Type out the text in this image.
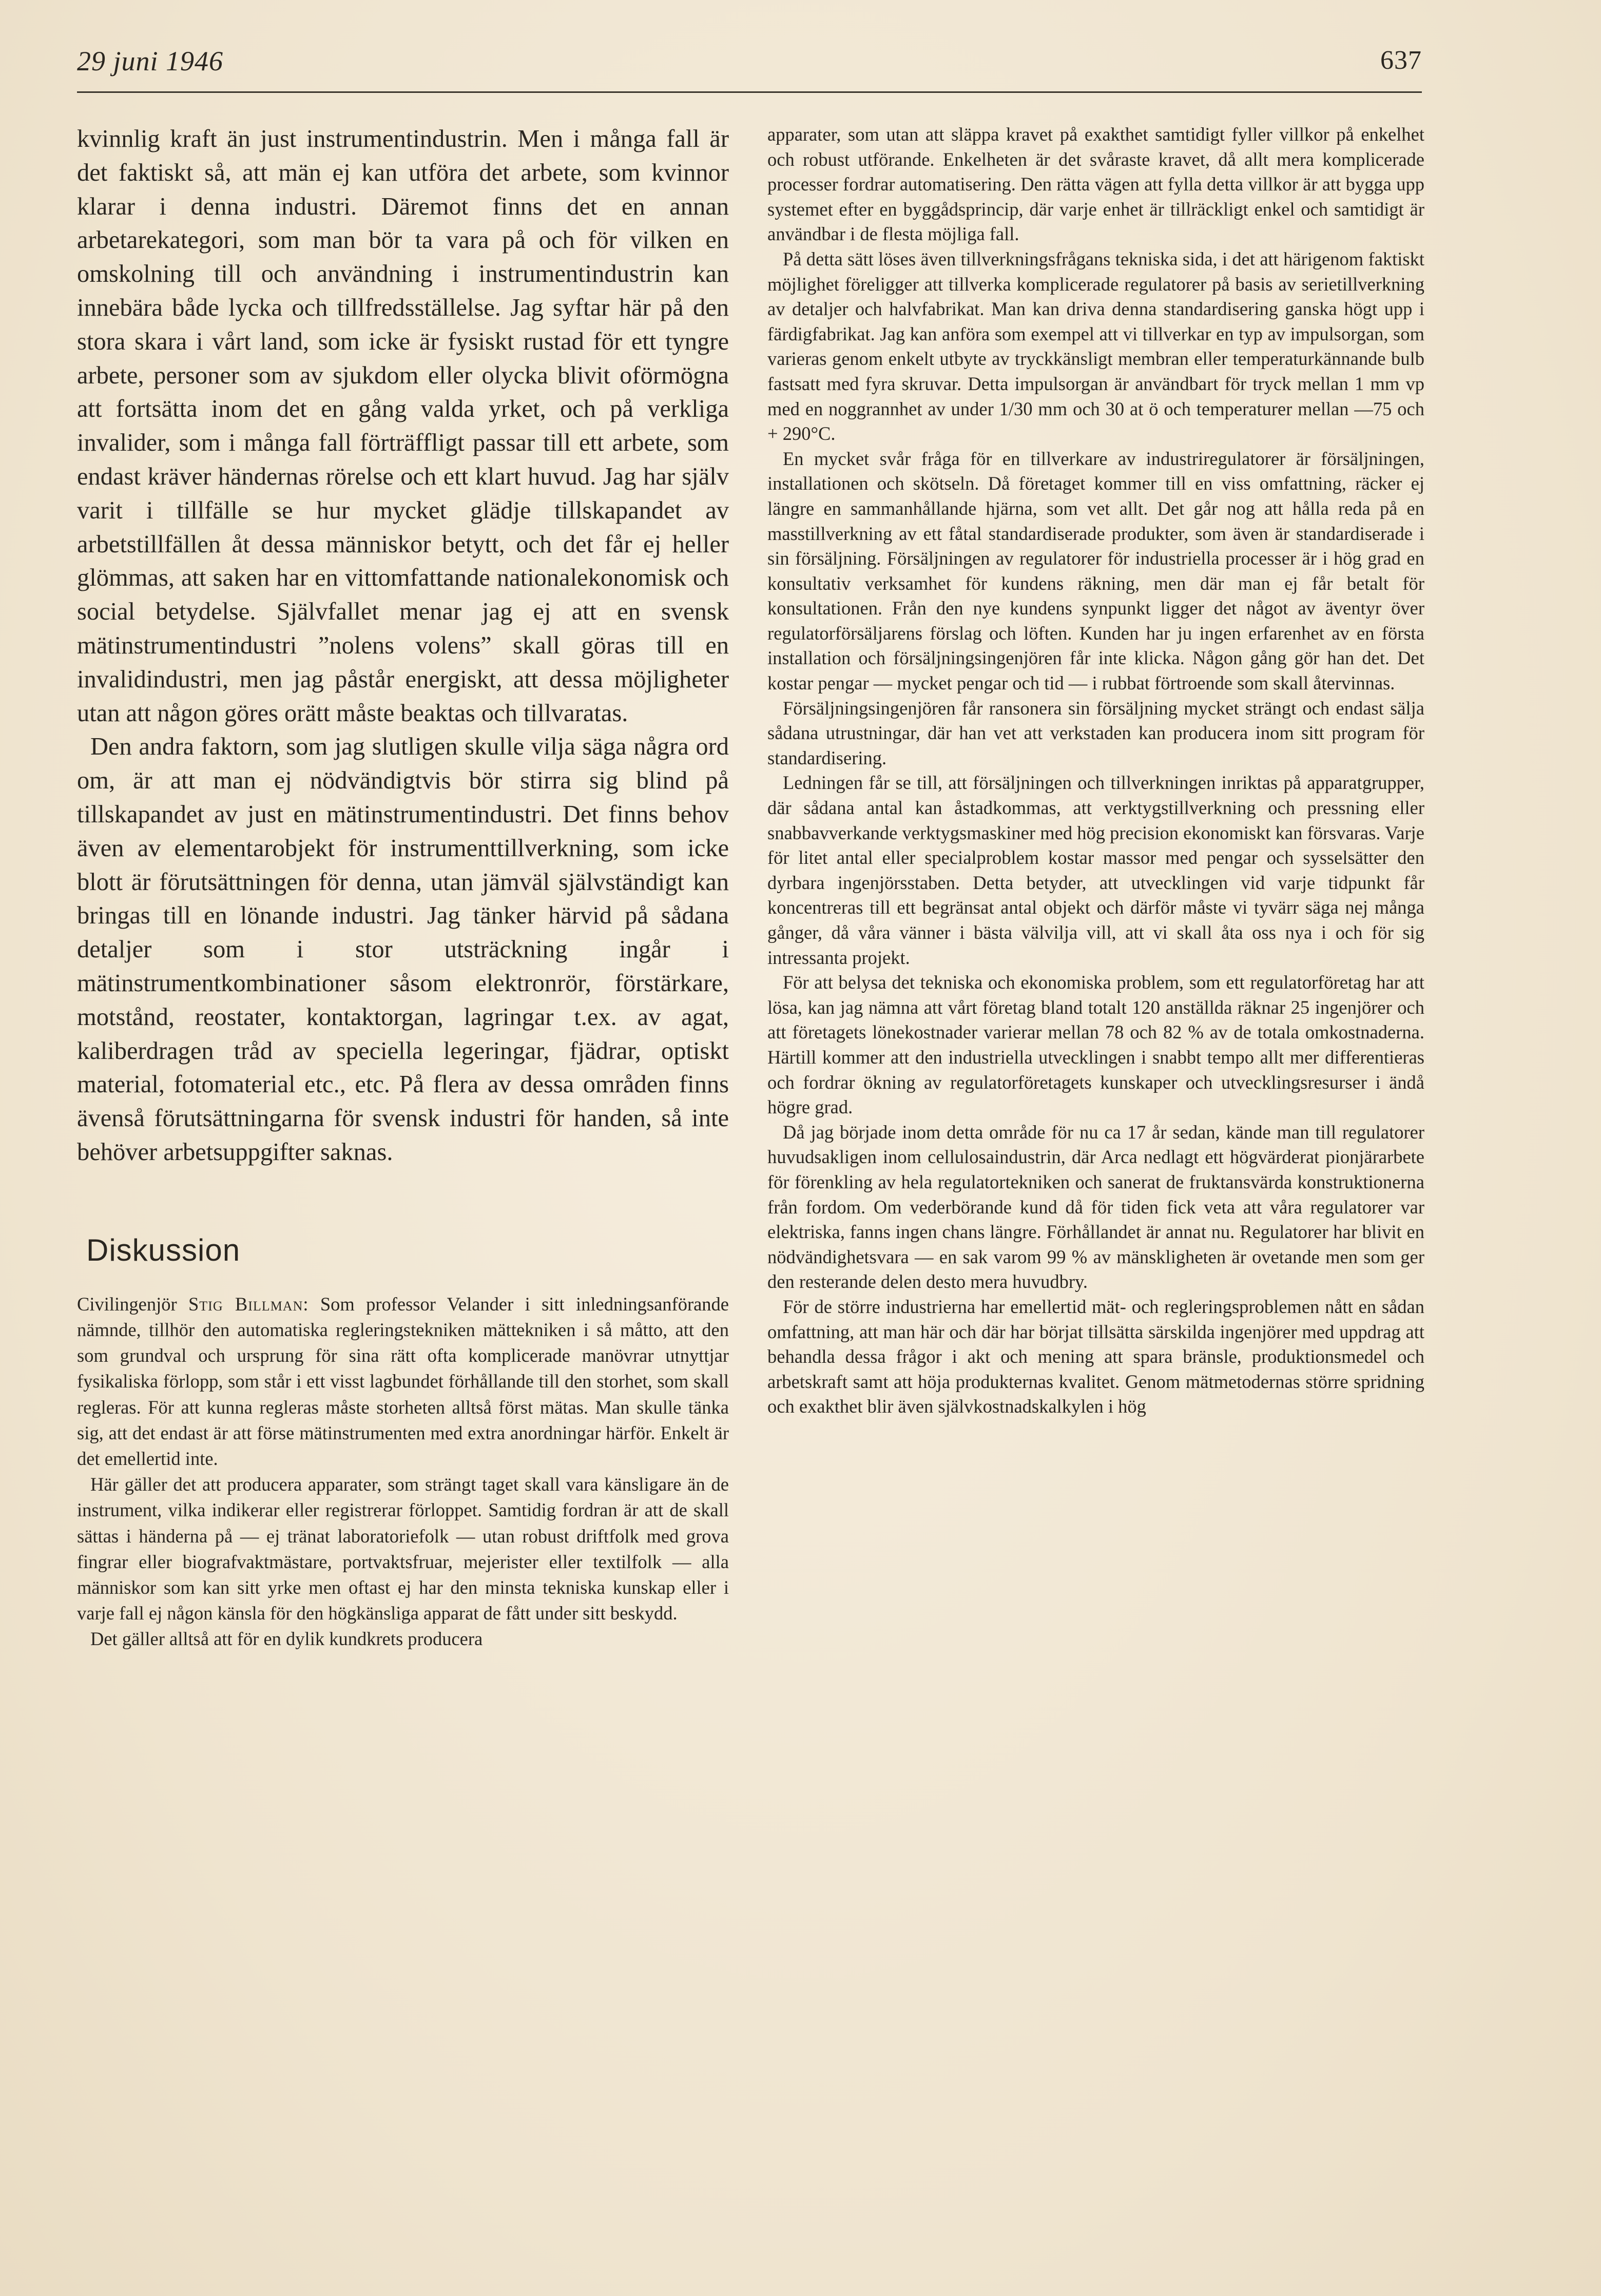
29 juni 1946	637

kvinnlig kraft än just instrumentindustrin. Men i många fall är det faktiskt så, att män ej kan utföra det arbete, som kvinnor klarar i denna industri. Däremot finns det en annan arbetarekategori, som man bör ta vara på och för vilken en omskolning till och användning i instrumentindustrin kan innebära både lycka och tillfredsställelse. Jag syftar här på den stora skara i vårt land, som icke är fysiskt rustad för ett tyngre arbete, personer som av sjukdom eller olycka blivit oförmögna att fortsätta inom det en gång valda yrket, och på verkliga invalider, som i många fall förträffligt passar till ett arbete, som endast kräver händernas rörelse och ett klart huvud. Jag har själv varit i tillfälle se hur mycket glädje tillskapandet av arbetstillfällen åt dessa människor betytt, och det får ej heller glömmas, att saken har en vittomfattande nationalekonomisk och social betydelse. Självfallet menar jag ej att en svensk mätinstrumentindustri ”nolens volens” skall göras till en invalidindustri, men jag påstår energiskt, att dessa möjligheter utan att någon göres orätt måste beaktas och tillvaratas.

Den andra faktorn, som jag slutligen skulle vilja säga några ord om, är att man ej nödvändigtvis bör stirra sig blind på tillskapandet av just en mätinstrumentindustri. Det finns behov även av elementarobjekt för instrumenttillverkning, som icke blott är förutsättningen för denna, utan jämväl självständigt kan bringas till en lönande industri. Jag tänker härvid på sådana detaljer som i stor utsträckning ingår i mätinstrumentkombinationer såsom elektronrör, förstärkare, motstånd, reostater, kontaktorgan, lagringar t.ex. av agat, kaliberdragen tråd av speciella legeringar, fjädrar, optiskt material, fotomaterial etc., etc. På flera av dessa områden finns ävenså förutsättningarna för svensk industri för handen, så inte behöver arbetsuppgifter saknas.

Diskussion

Civilingenjör Stig Billman: Som professor Velander i sitt inledningsanförande nämnde, tillhör den automatiska regleringstekniken mättekniken i så måtto, att den som grundval och ursprung för sina rätt ofta komplicerade manövrar utnyttjar fysikaliska förlopp, som står i ett visst lagbundet förhållande till den storhet, som skall regleras. För att kunna regleras måste storheten alltså först mätas. Man skulle tänka sig, att det endast är att förse mätinstrumenten med extra anordningar härför. Enkelt är det emellertid inte.

Här gäller det att producera apparater, som strängt taget skall vara känsligare än de instrument, vilka indikerar eller registrerar förloppet. Samtidig fordran är att de skall sättas i händerna på — ej tränat laboratoriefolk — utan robust driftfolk med grova fingrar eller biografvaktmästare, portvaktsfruar, mejerister eller textilfolk — alla människor som kan sitt yrke men oftast ej har den minsta tekniska kunskap eller i varje fall ej någon känsla för den högkänsliga apparat de fått under sitt beskydd.

Det gäller alltså att för en dylik kundkrets producera

apparater, som utan att släppa kravet på exakthet samtidigt fyller villkor på enkelhet och robust utförande. Enkelheten är det svåraste kravet, då allt mera komplicerade processer fordrar automatisering. Den rätta vägen att fylla detta villkor är att bygga upp systemet efter en byggådsprincip, där varje enhet är tillräckligt enkel och samtidigt är användbar i de flesta möjliga fall.

På detta sätt löses även tillverkningsfrågans tekniska sida, i det att härigenom faktiskt möjlighet föreligger att tillverka komplicerade regulatorer på basis av serietillverkning av detaljer och halvfabrikat. Man kan driva denna standardisering ganska högt upp i färdigfabrikat. Jag kan anföra som exempel att vi tillverkar en typ av impulsorgan, som varieras genom enkelt utbyte av tryckkänsligt membran eller temperaturkännande bulb fastsatt med fyra skruvar. Detta impulsorgan är användbart för tryck mellan 1 mm vp med en noggrannhet av under 1/30 mm och 30 at ö och temperaturer mellan —75 och + 290°C.

En mycket svår fråga för en tillverkare av industriregulatorer är försäljningen, installationen och skötseln. Då företaget kommer till en viss omfattning, räcker ej längre en sammanhållande hjärna, som vet allt. Det går nog att hålla reda på en masstillverkning av ett fåtal standardiserade produkter, som även är standardiserade i sin försäljning. Försäljningen av regulatorer för industriella processer är i hög grad en konsultativ verksamhet för kundens räkning, men där man ej får betalt för konsultationen. Från den nye kundens synpunkt ligger det något av äventyr över regulatorförsäljarens förslag och löften. Kunden har ju ingen erfarenhet av en första installation och försäljningsingenjören får inte klicka. Någon gång gör han det. Det kostar pengar — mycket pengar och tid — i rubbat förtroende som skall återvinnas.

Försäljningsingenjören får ransonera sin försäljning mycket strängt och endast sälja sådana utrustningar, där han vet att verkstaden kan producera inom sitt program för standardisering.

Ledningen får se till, att försäljningen och tillverkningen inriktas på apparatgrupper, där sådana antal kan åstadkommas, att verktygstillverkning och pressning eller snabbavverkande verktygsmaskiner med hög precision ekonomiskt kan försvaras. Varje för litet antal eller specialproblem kostar massor med pengar och sysselsätter den dyrbara ingenjörsstaben. Detta betyder, att utvecklingen vid varje tidpunkt får koncentreras till ett begränsat antal objekt och därför måste vi tyvärr säga nej många gånger, då våra vänner i bästa välvilja vill, att vi skall åta oss nya i och för sig intressanta projekt.

För att belysa det tekniska och ekonomiska problem, som ett regulatorföretag har att lösa, kan jag nämna att vårt företag bland totalt 120 anställda räknar 25 ingenjörer och att företagets lönekostnader varierar mellan 78 och 82 % av de totala omkostnaderna. Härtill kommer att den industriella utvecklingen i snabbt tempo allt mer differentieras och fordrar ökning av regulatorföretagets kunskaper och utvecklingsresurser i ändå högre grad.

Då jag började inom detta område för nu ca 17 år sedan, kände man till regulatorer huvudsakligen inom cellulosaindustrin, där Arca nedlagt ett högvärderat pionjärarbete för förenkling av hela regulatortekniken och sanerat de fruktansvärda konstruktionerna från fordom. Om vederbörande kund då för tiden fick veta att våra regulatorer var elektriska, fanns ingen chans längre. Förhållandet är annat nu. Regulatorer har blivit en nödvändighetsvara — en sak varom 99 % av mänskligheten är ovetande men som ger den resterande delen desto mera huvudbry.

För de större industrierna har emellertid mät- och regleringsproblemen nått en sådan omfattning, att man här och där har börjat tillsätta särskilda ingenjörer med uppdrag att behandla dessa frågor i akt och mening att spara bränsle, produktionsmedel och arbetskraft samt att höja produkternas kvalitet. Genom mätmetodernas större spridning och exakthet blir även självkostnadskalkylen i hög
